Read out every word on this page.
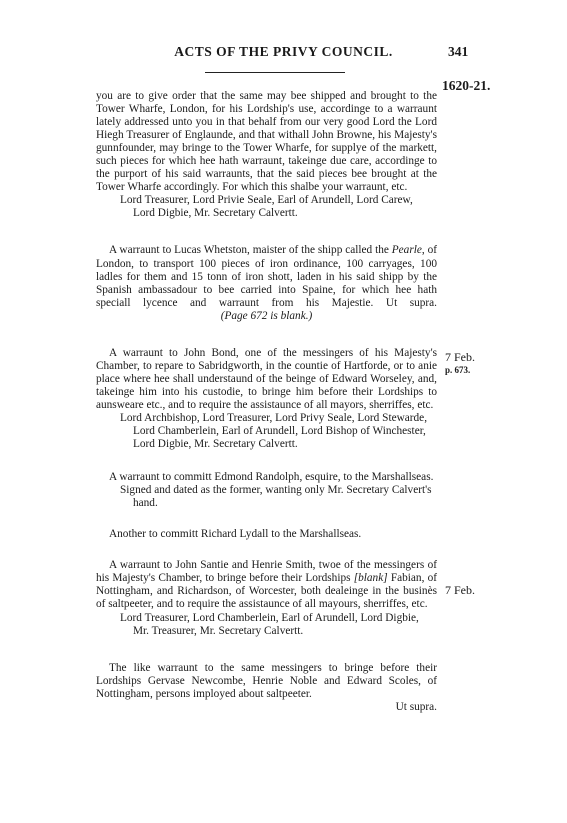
ACTS OF THE PRIVY COUNCIL.	341
1620-21.
7 Feb.
p. 673.
7 Feb.

you are to give order that the same may bee shipped and brought to the Tower Wharfe, London, for his Lordship's use, accordinge to a warraunt lately addressed unto you in that behalf from our very good Lord the Lord Hiegh Treasurer of Englaunde, and that withall John Browne, his Majesty's gunnfounder, may bringe to the Tower Wharfe, for supplye of the markett, such pieces for which hee hath warraunt, takeinge due care, accordinge to the purport of his said warraunts, that the said pieces bee brought at the Tower Wharfe accordingly. For which this shalbe your warraunt, etc.

Lord Treasurer, Lord Privie Seale, Earl of Arundell, Lord Carew, Lord Digbie, Mr. Secretary Calvertt.

A warraunt to Lucas Whetston, maister of the shipp called the Pearle, of London, to transport 100 pieces of iron ordinance, 100 carryages, 100 ladles for them and 15 tonn of iron shott, laden in his said shipp by the Spanish ambassadour to bee carried into Spaine, for which hee hath speciall lycence and warraunt from his Majestie. Ut supra.

(Page 672 is blank.)

A warraunt to John Bond, one of the messingers of his Majesty's Chamber, to repare to Sabridgworth, in the countie of Hartforde, or to anie place where hee shall understaund of the beinge of Edward Worseley, and, takeinge him into his custodie, to bringe him before their Lordships to aunsweare etc., and to require the assistaunce of all mayors, sherriffes, etc.

Lord Archbishop, Lord Treasurer, Lord Privy Seale, Lord Stewarde, Lord Chamberlein, Earl of Arundell, Lord Bishop of Winchester, Lord Digbie, Mr. Secretary Calvertt.

A warraunt to committ Edmond Randolph, esquire, to the Marshallseas.

Signed and dated as the former, wanting only Mr. Secretary Calvert's hand.

Another to committ Richard Lydall to the Marshallseas.

A warraunt to John Santie and Henrie Smith, twoe of the messingers of his Majesty's Chamber, to bringe before their Lordships [blank] Fabian, of Nottingham, and Richardson, of Worcester, both dealeinge in the businès of saltpeeter, and to require the assistaunce of all mayours, sherriffes, etc.

Lord Treasurer, Lord Chamberlein, Earl of Arundell, Lord Digbie, Mr. Treasurer, Mr. Secretary Calvertt.

The like warraunt to the same messingers to bringe before their Lordships Gervase Newcombe, Henrie Noble and Edward Scoles, of Nottingham, persons imployed about saltpeeter.

Ut supra.
